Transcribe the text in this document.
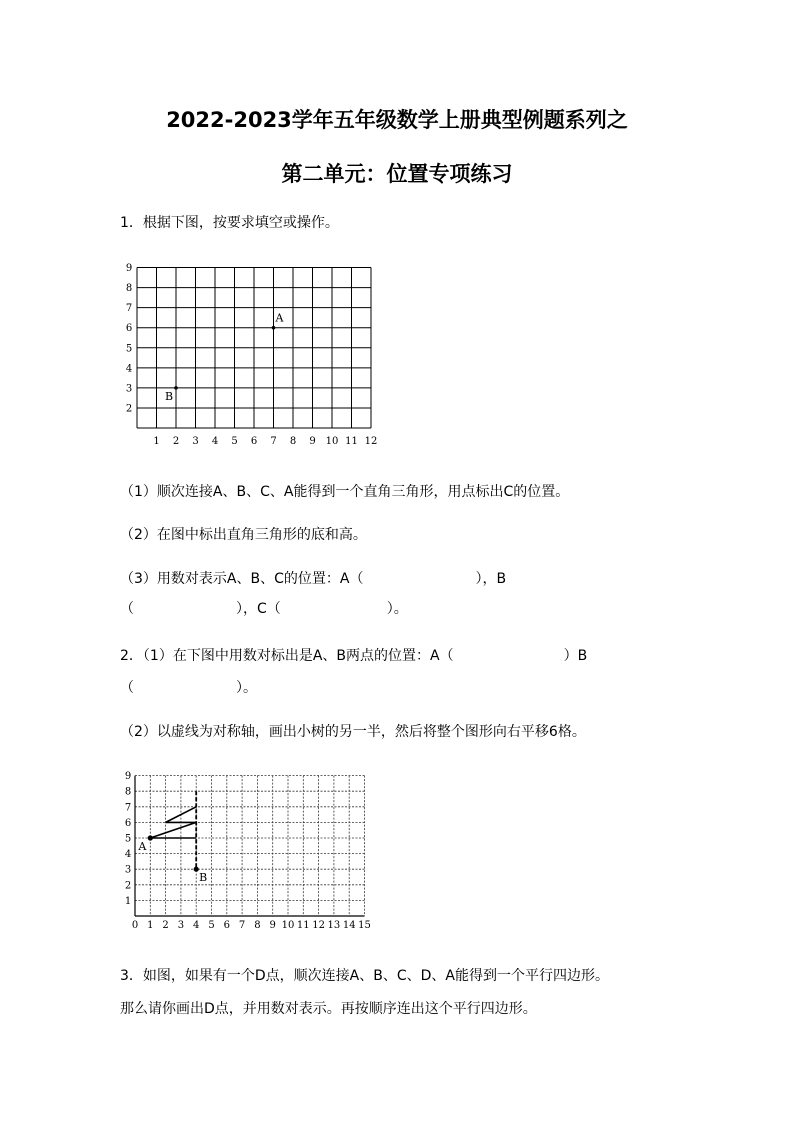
2022-2023学年五年级数学上册典型例题系列之
第二单元：位置专项练习
1．根据下图，按要求填空或操作。
1 2 3 4 5 6 7 8 9 10 11 12
2
3
4
5
6
7
8
9
A
B
（1）顺次连接A、B、C、A能得到一个直角三角形，用点标出C的位置。
（2）在图中标出直角三角形的底和高。
（3）用数对表示A、B、C的位置：A（	），B
（	），C（	）。
2．（1）在下图中用数对标出是A、B两点的位置：A（	）B
（	）。
（2）以虚线为对称轴，画出小树的另一半，然后将整个图形向右平移6格。
0 1 2 3 4 5 6 7 8 9 10 11 12 13 14 15
1
2
3
4
5
6
7
8
9
A
B
3．如图，如果有一个D点，顺次连接A、B、C、D、A能得到一个平行四边形。
那么请你画出D点，并用数对表示。再按顺序连出这个平行四边形。
